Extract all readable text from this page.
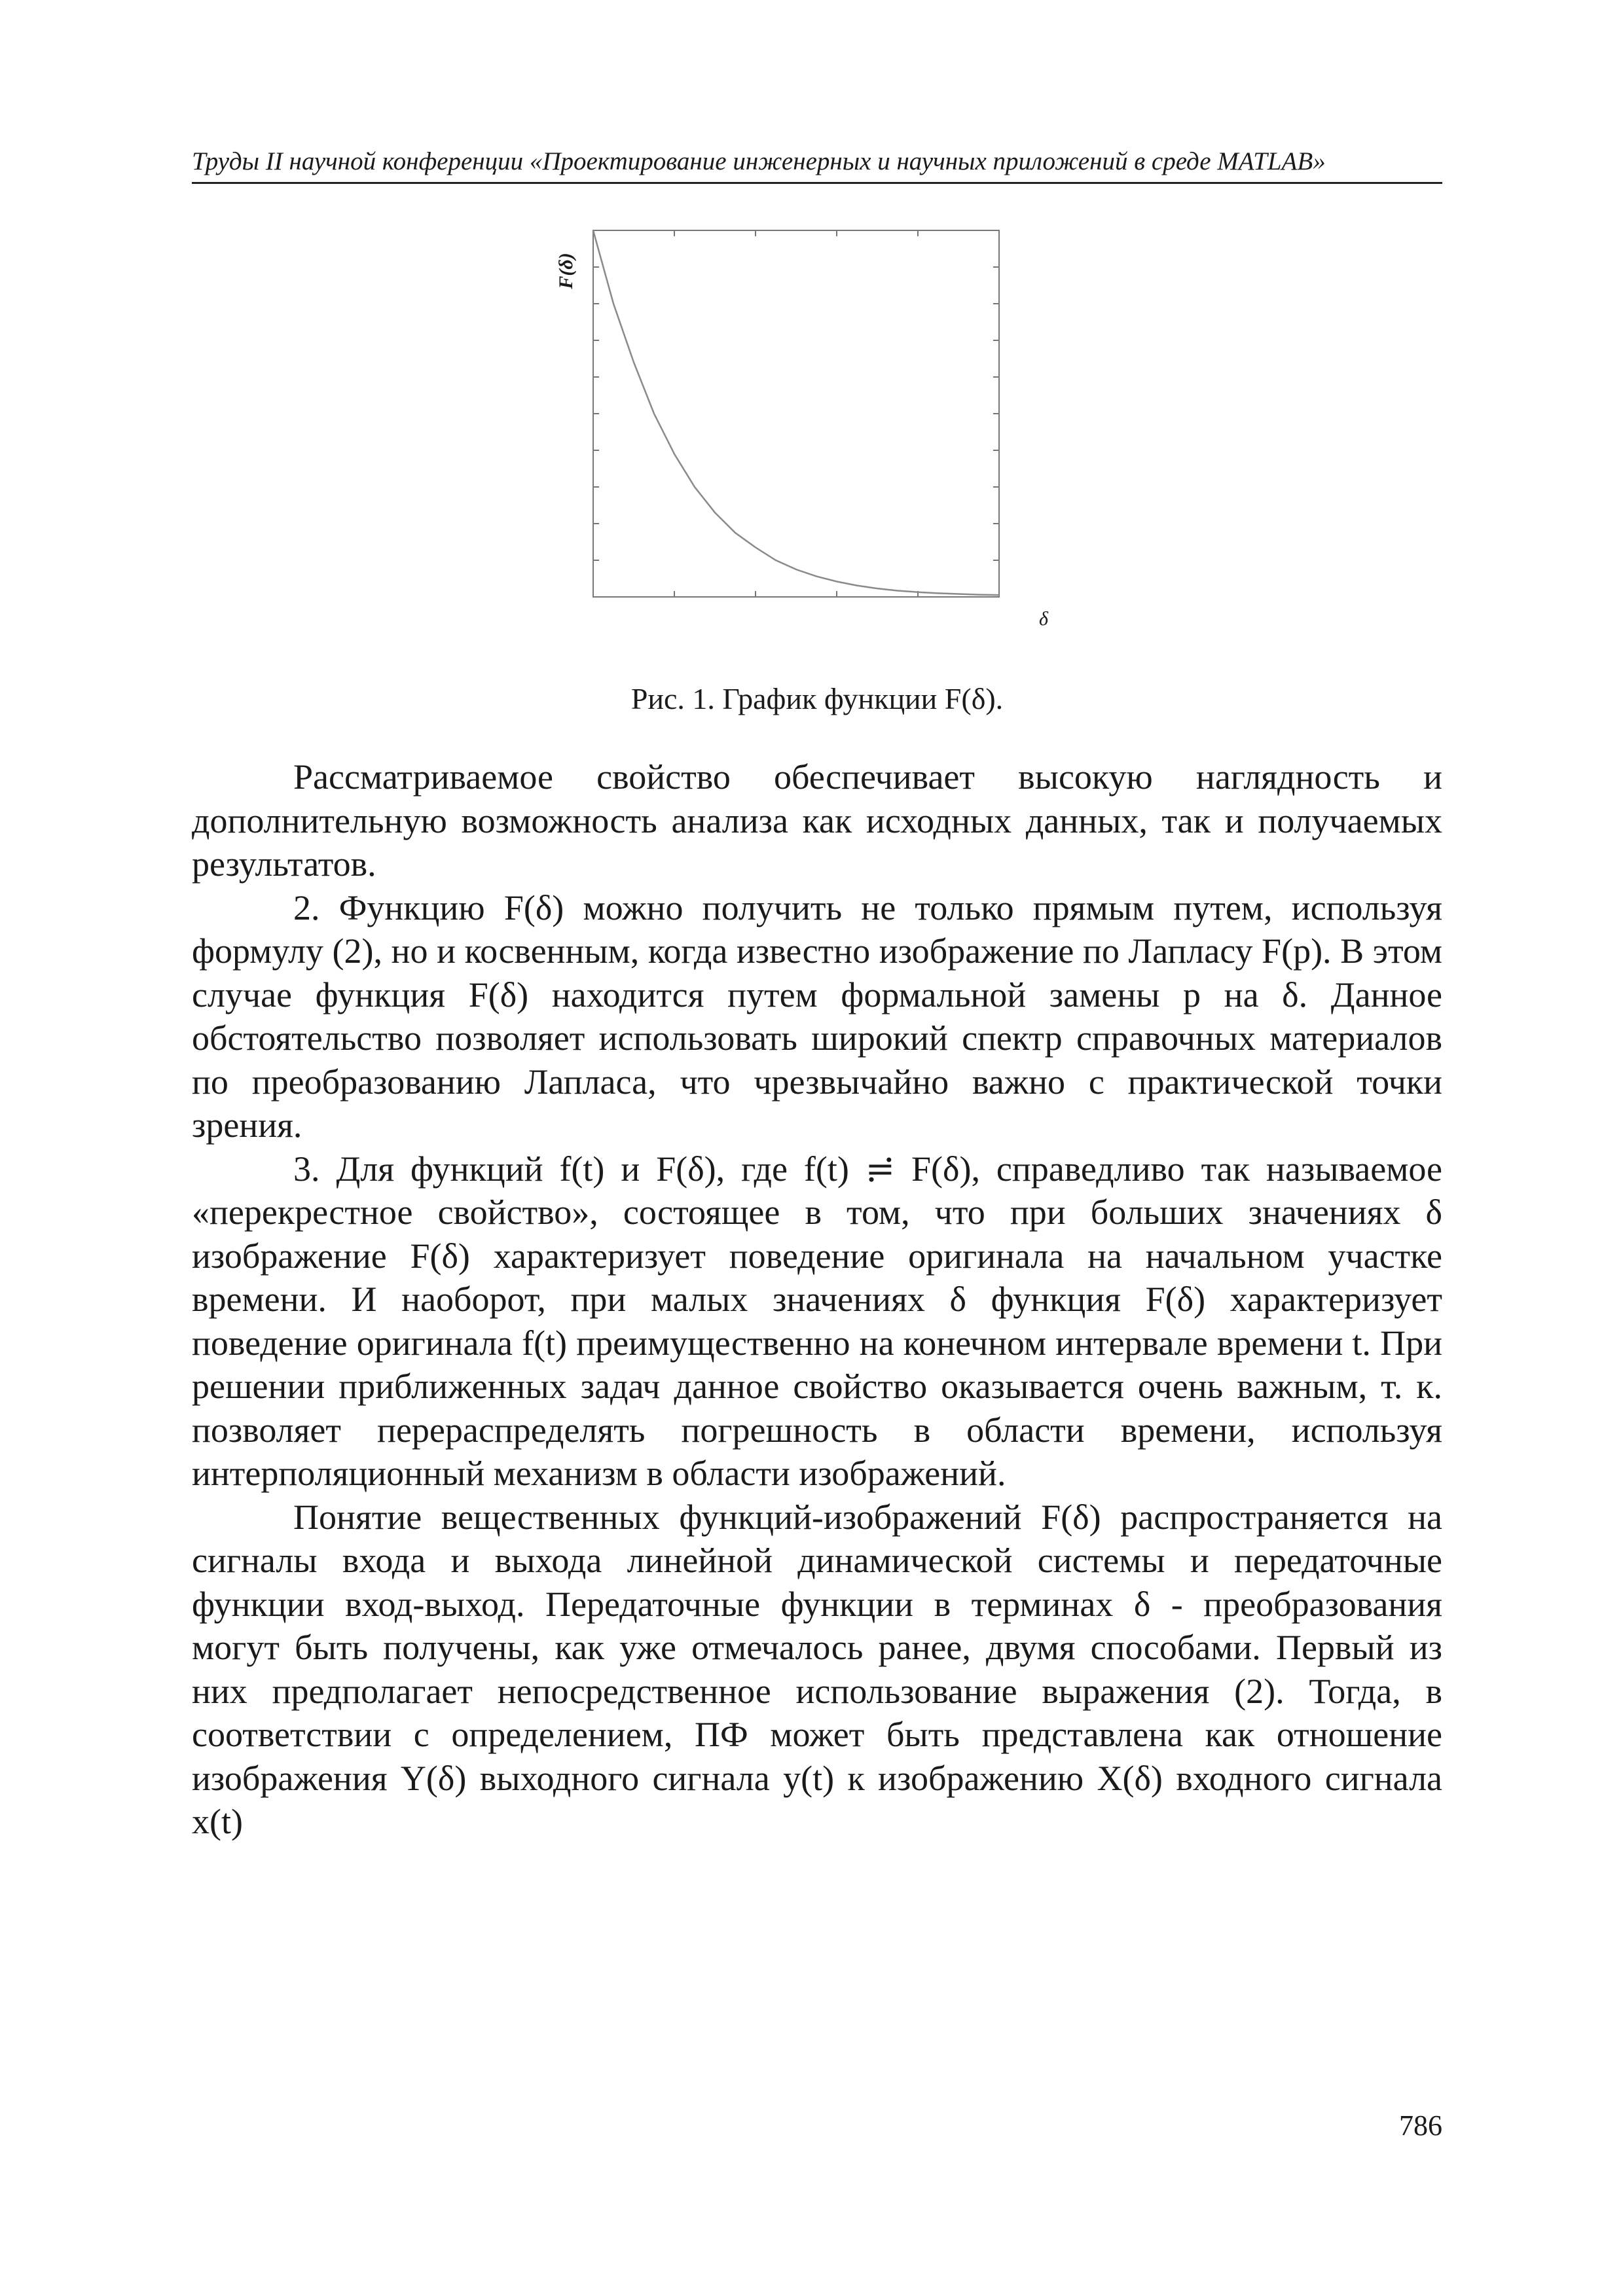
Труды II научной конференции «Проектирование инженерных и научных приложений в среде MATLAB»
F(δ)
δ
Рис. 1. График функции F(δ).

Рассматриваемое свойство обеспечивает высокую наглядность и дополнительную возможность анализа как исходных данных, так и получаемых результатов.

2. Функцию F(δ) можно получить не только прямым путем, используя формулу (2), но и косвенным, когда известно изображение по Лапласу F(p). В этом случае функция F(δ) находится путем формальной замены p на δ. Данное обстоятельство позволяет использовать широкий спектр справочных материалов по преобразованию Лапласа, что чрезвычайно важно с практической точки зрения.

3. Для функций f(t) и F(δ), где f(t) ≓ F(δ), справедливо так называемое «перекрестное свойство», состоящее в том, что при больших значениях δ изображение F(δ) характеризует поведение оригинала на начальном участке времени. И наоборот, при малых значениях δ функция F(δ) характеризует поведение оригинала f(t) преимущественно на конечном интервале времени t. При решении приближенных задач данное свойство оказывается очень важным, т. к. позволяет перераспределять погрешность в области времени, используя интерполяционный механизм в области изображений.

Понятие вещественных функций-изображений F(δ) распространяется на сигналы входа и выхода линейной динамической системы и передаточные функции вход-выход. Передаточные функции в терминах δ - преобразования могут быть получены, как уже отмечалось ранее, двумя способами. Первый из них предполагает непосредственное использование выражения (2). Тогда, в соответствии с определением, ПФ может быть представлена как отношение изображения Y(δ) выходного сигнала y(t) к изображению X(δ) входного сигнала x(t)

786
